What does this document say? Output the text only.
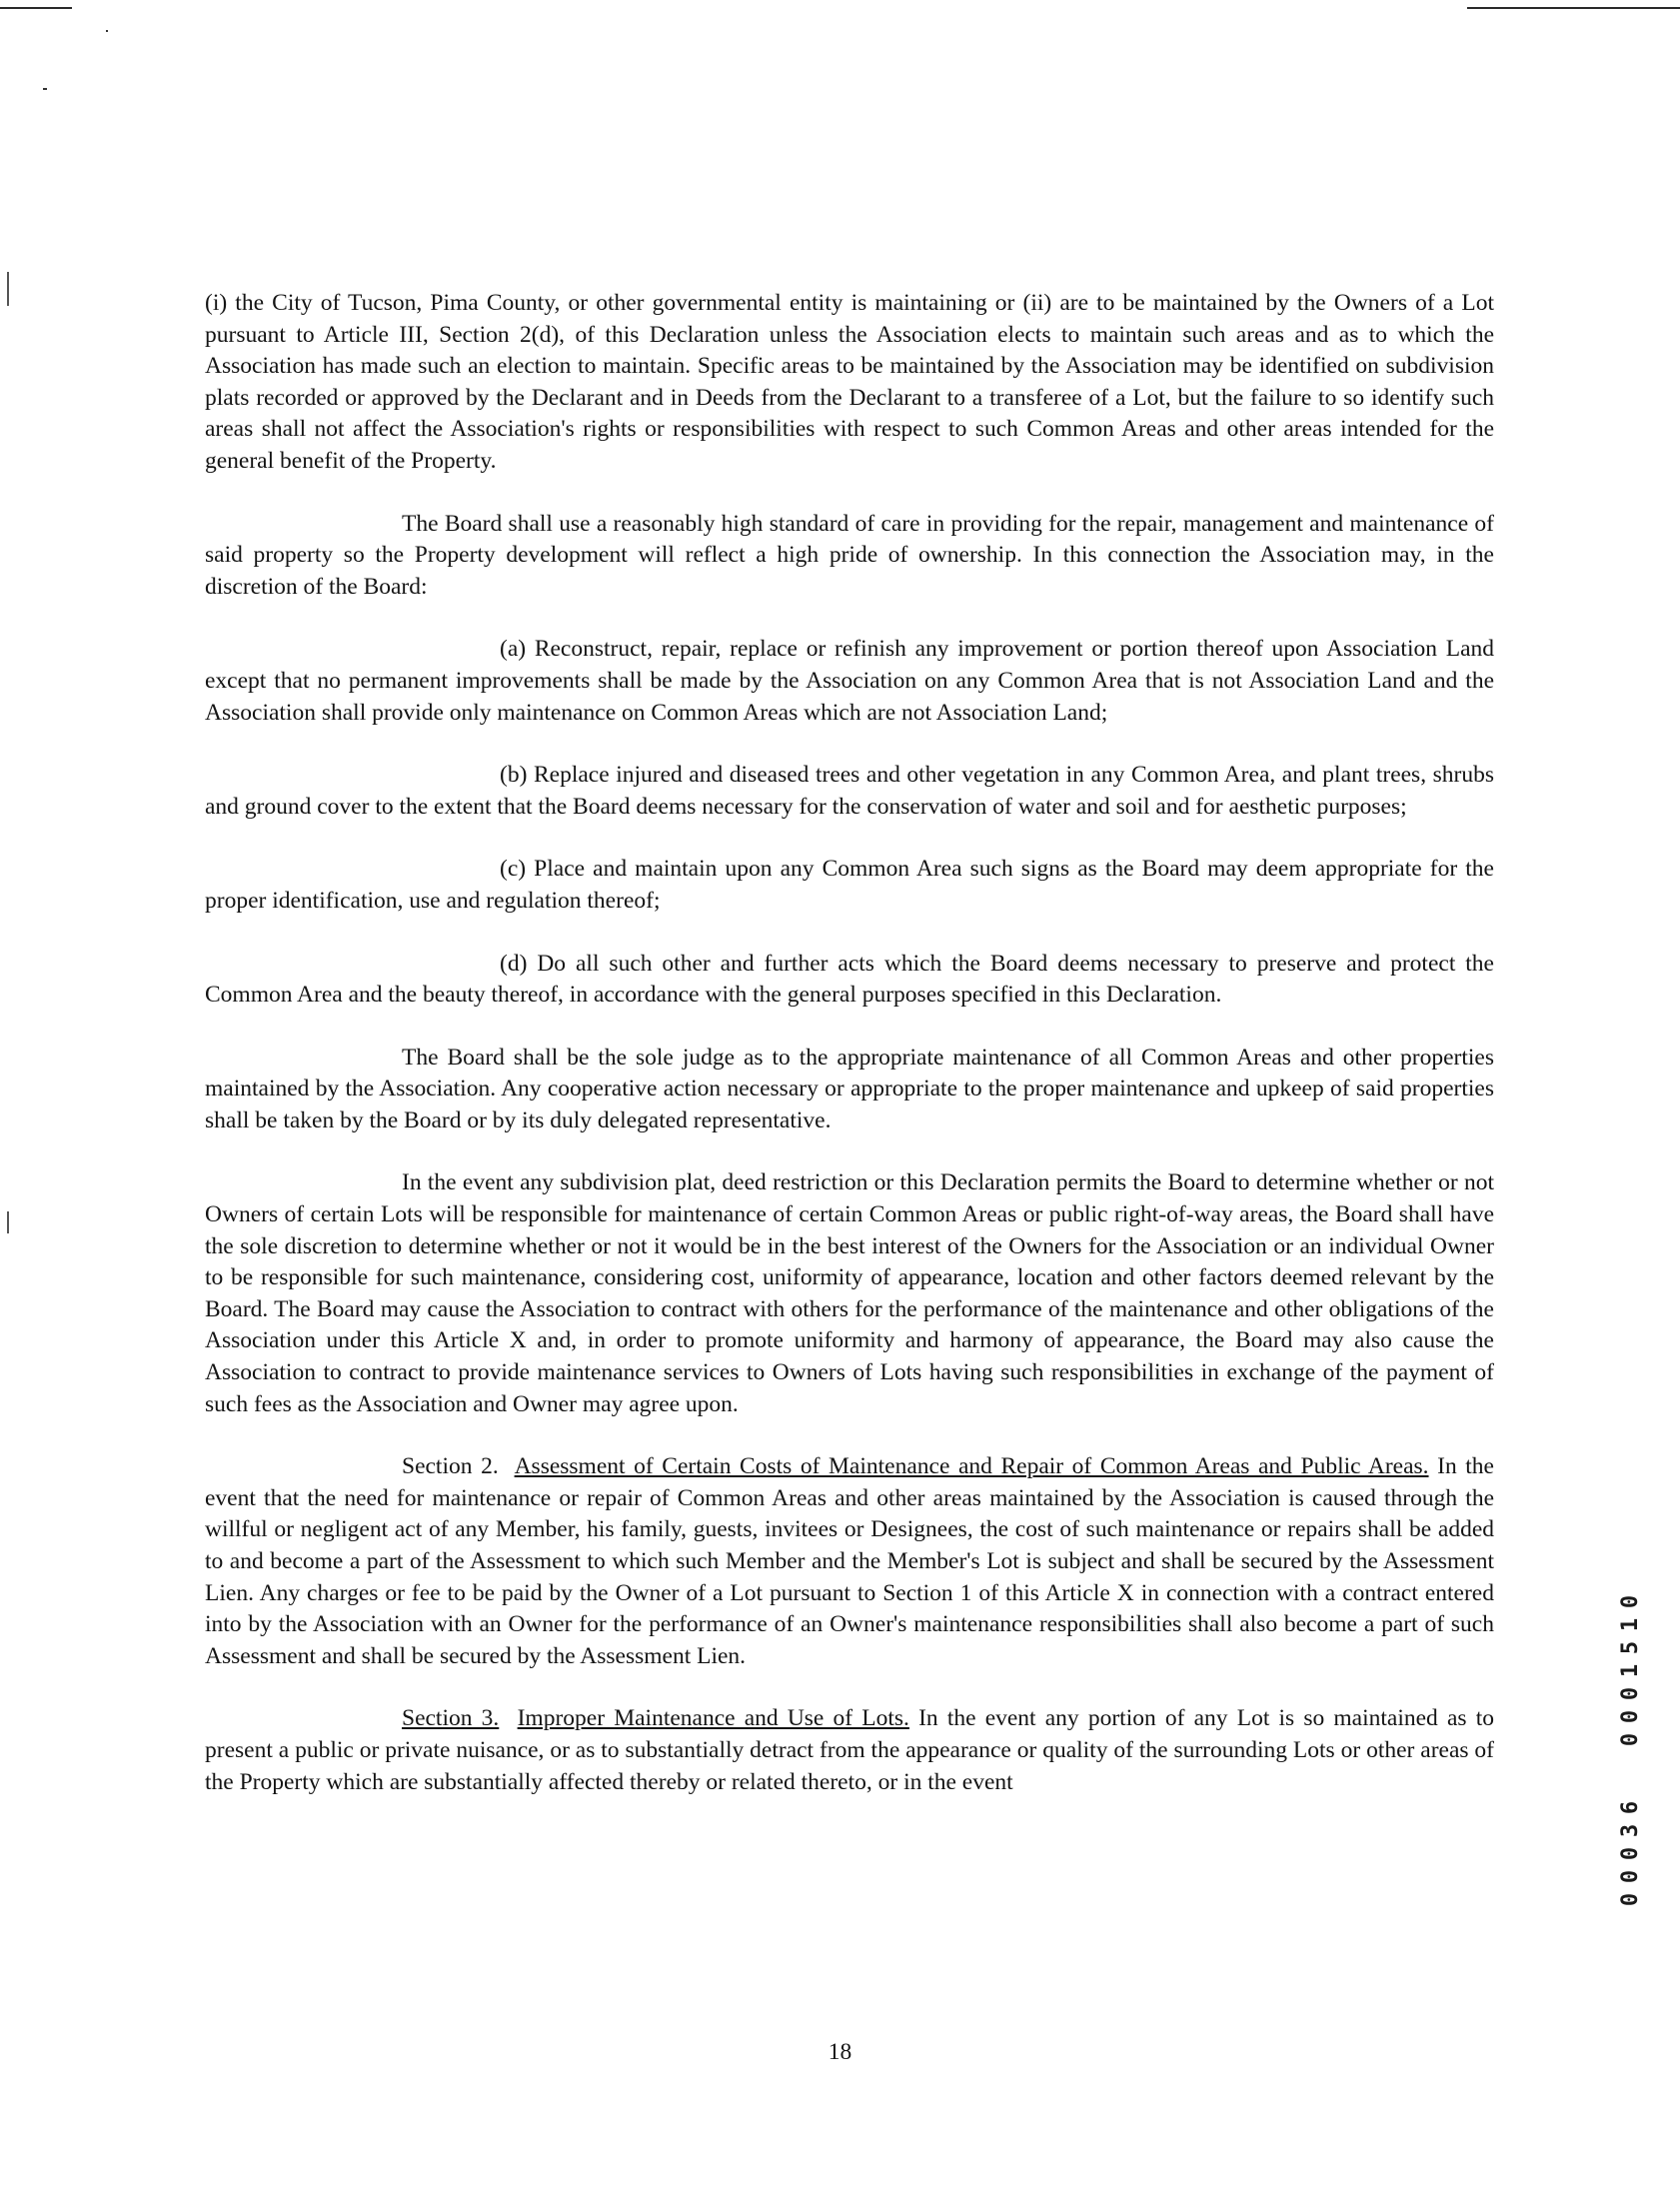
(i) the City of Tucson, Pima County, or other governmental entity is maintaining or (ii) are to be maintained by the Owners of a Lot pursuant to Article III, Section 2(d), of this Declaration unless the Association elects to maintain such areas and as to which the Association has made such an election to maintain. Specific areas to be maintained by the Association may be identified on subdivision plats recorded or approved by the Declarant and in Deeds from the Declarant to a transferee of a Lot, but the failure to so identify such areas shall not affect the Association's rights or responsibilities with respect to such Common Areas and other areas intended for the general benefit of the Property.

The Board shall use a reasonably high standard of care in providing for the repair, management and maintenance of said property so the Property development will reflect a high pride of ownership. In this connection the Association may, in the discretion of the Board:

(a) Reconstruct, repair, replace or refinish any improvement or portion thereof upon Association Land except that no permanent improvements shall be made by the Association on any Common Area that is not Association Land and the Association shall provide only maintenance on Common Areas which are not Association Land;

(b) Replace injured and diseased trees and other vegetation in any Common Area, and plant trees, shrubs and ground cover to the extent that the Board deems necessary for the conservation of water and soil and for aesthetic purposes;

(c) Place and maintain upon any Common Area such signs as the Board may deem appropriate for the proper identification, use and regulation thereof;

(d) Do all such other and further acts which the Board deems necessary to preserve and protect the Common Area and the beauty thereof, in accordance with the general purposes specified in this Declaration.

The Board shall be the sole judge as to the appropriate maintenance of all Common Areas and other properties maintained by the Association. Any cooperative action necessary or appropriate to the proper maintenance and upkeep of said properties shall be taken by the Board or by its duly delegated representative.

In the event any subdivision plat, deed restriction or this Declaration permits the Board to determine whether or not Owners of certain Lots will be responsible for maintenance of certain Common Areas or public right-of-way areas, the Board shall have the sole discretion to determine whether or not it would be in the best interest of the Owners for the Association or an individual Owner to be responsible for such maintenance, considering cost, uniformity of appearance, location and other factors deemed relevant by the Board. The Board may cause the Association to contract with others for the performance of the maintenance and other obligations of the Association under this Article X and, in order to promote uniformity and harmony of appearance, the Board may also cause the Association to contract to provide maintenance services to Owners of Lots having such responsibilities in exchange of the payment of such fees as the Association and Owner may agree upon.

Section 2. Assessment of Certain Costs of Maintenance and Repair of Common Areas and Public Areas. In the event that the need for maintenance or repair of Common Areas and other areas maintained by the Association is caused through the willful or negligent act of any Member, his family, guests, invitees or Designees, the cost of such maintenance or repairs shall be added to and become a part of the Assessment to which such Member and the Member's Lot is subject and shall be secured by the Assessment Lien. Any charges or fee to be paid by the Owner of a Lot pursuant to Section 1 of this Article X in connection with a contract entered into by the Association with an Owner for the performance of an Owner's maintenance responsibilities shall also become a part of such Assessment and shall be secured by the Assessment Lien.

Section 3. Improper Maintenance and Use of Lots. In the event any portion of any Lot is so maintained as to present a public or private nuisance, or as to substantially detract from the appearance or quality of the surrounding Lots or other areas of the Property which are substantially affected thereby or related thereto, or in the event

18
0
1
5
1
0
0
0
6
3
0
0
0
